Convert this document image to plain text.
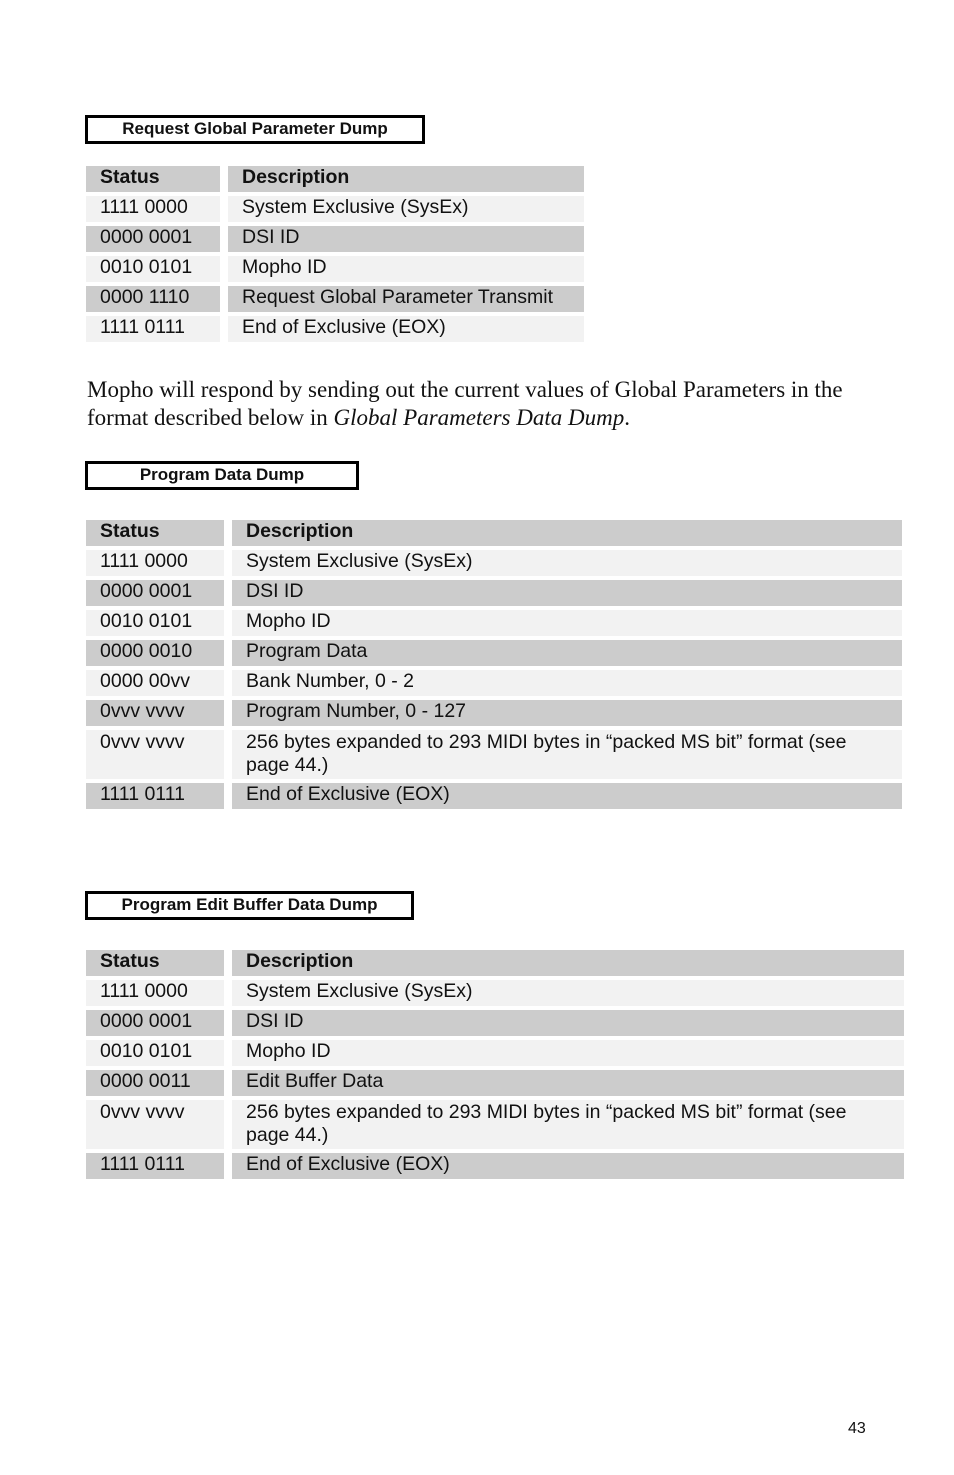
Request Global Parameter Dump
Status	Description
1111 0000	System Exclusive (SysEx)
0000 0001	DSI ID
0010 0101	Mopho ID
0000 1110	Request Global Parameter Transmit
1111 0111	End of Exclusive (EOX)
Mopho will respond by sending out the current values of Global Parameters in the format described below in Global Parameters Data Dump.
Program Data Dump
Status	Description
1111 0000	System Exclusive (SysEx)
0000 0001	DSI ID
0010 0101	Mopho ID
0000 0010	Program Data
0000 00vv	Bank Number, 0 - 2
0vvv vvvv	Program Number, 0 - 127
0vvv vvvv	256 bytes expanded to 293 MIDI bytes in “packed MS bit” format (see page 44.)
1111 0111	End of Exclusive (EOX)
Program Edit Buffer Data Dump
Status	Description
1111 0000	System Exclusive (SysEx)
0000 0001	DSI ID
0010 0101	Mopho ID
0000 0011	Edit Buffer Data
0vvv vvvv	256 bytes expanded to 293 MIDI bytes in “packed MS bit” format (see page 44.)
1111 0111	End of Exclusive (EOX)
43
